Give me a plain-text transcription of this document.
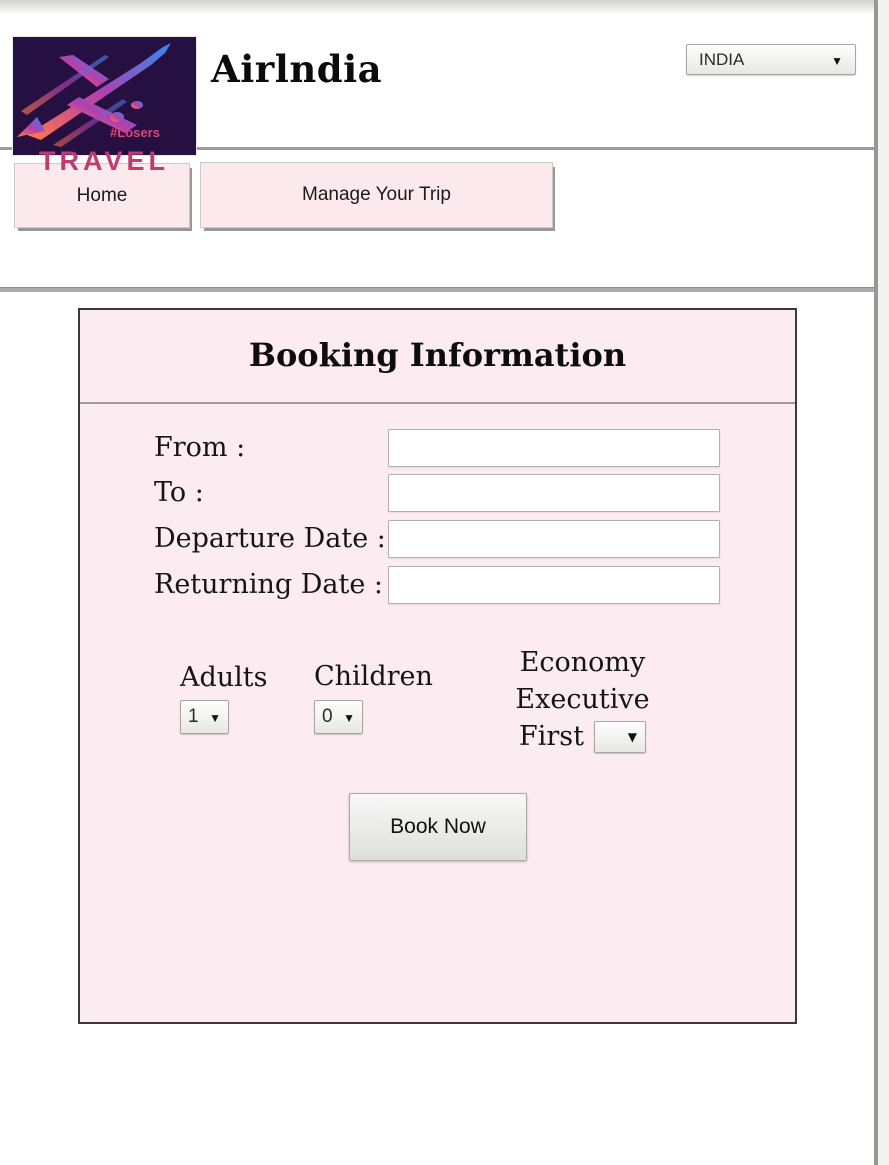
#Losers
TRAVEL
Airlndia	INDIA
▼
Home	Manage Your Trip
Booking Information
From :
To :
Departure Date :
Returning Date :
Adults
1
▼
Children
0
▼
Economy
Executive
First
▼
Book Now
